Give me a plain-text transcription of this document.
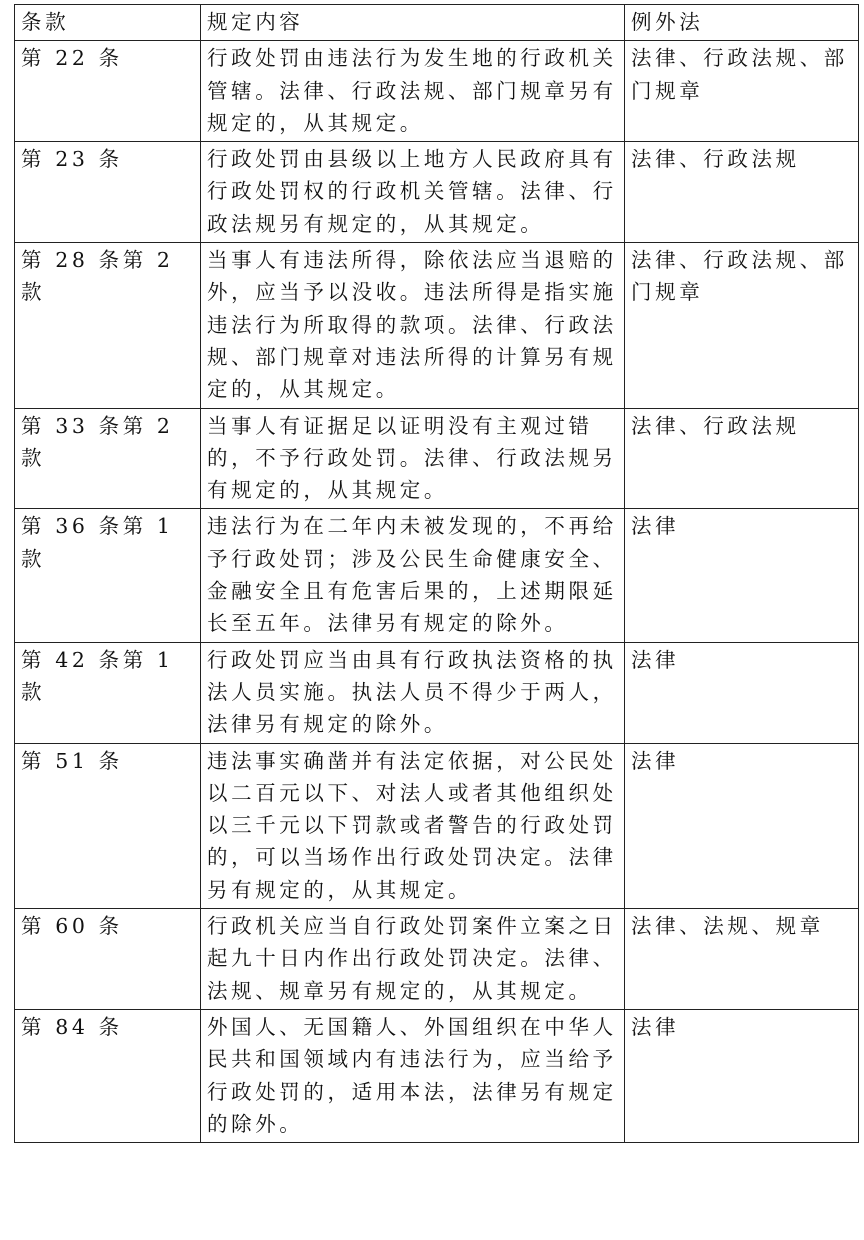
条款	规定内容	例外法
第 22 条	行政处罚由违法行为发生地的行政机关管辖。法律、行政法规、部门规章另有规定的，从其规定。	法律、行政法规、部门规章
第 23 条	行政处罚由县级以上地方人民政府具有行政处罚权的行政机关管辖。法律、行政法规另有规定的，从其规定。	法律、行政法规
第 28 条第 2 款	当事人有违法所得，除依法应当退赔的外，应当予以没收。违法所得是指实施违法行为所取得的款项。法律、行政法规、部门规章对违法所得的计算另有规定的，从其规定。	法律、行政法规、部门规章
第 33 条第 2 款	当事人有证据足以证明没有主观过错的，不予行政处罚。法律、行政法规另有规定的，从其规定。	法律、行政法规
第 36 条第 1 款	违法行为在二年内未被发现的，不再给予行政处罚；涉及公民生命健康安全、金融安全且有危害后果的，上述期限延长至五年。法律另有规定的除外。	法律
第 42 条第 1 款	行政处罚应当由具有行政执法资格的执法人员实施。执法人员不得少于两人，法律另有规定的除外。	法律
第 51 条	违法事实确凿并有法定依据，对公民处以二百元以下、对法人或者其他组织处以三千元以下罚款或者警告的行政处罚的，可以当场作出行政处罚决定。法律另有规定的，从其规定。	法律
第 60 条	行政机关应当自行政处罚案件立案之日起九十日内作出行政处罚决定。法律、法规、规章另有规定的，从其规定。	法律、法规、规章
第 84 条	外国人、无国籍人、外国组织在中华人民共和国领域内有违法行为，应当给予行政处罚的，适用本法，法律另有规定的除外。	法律
